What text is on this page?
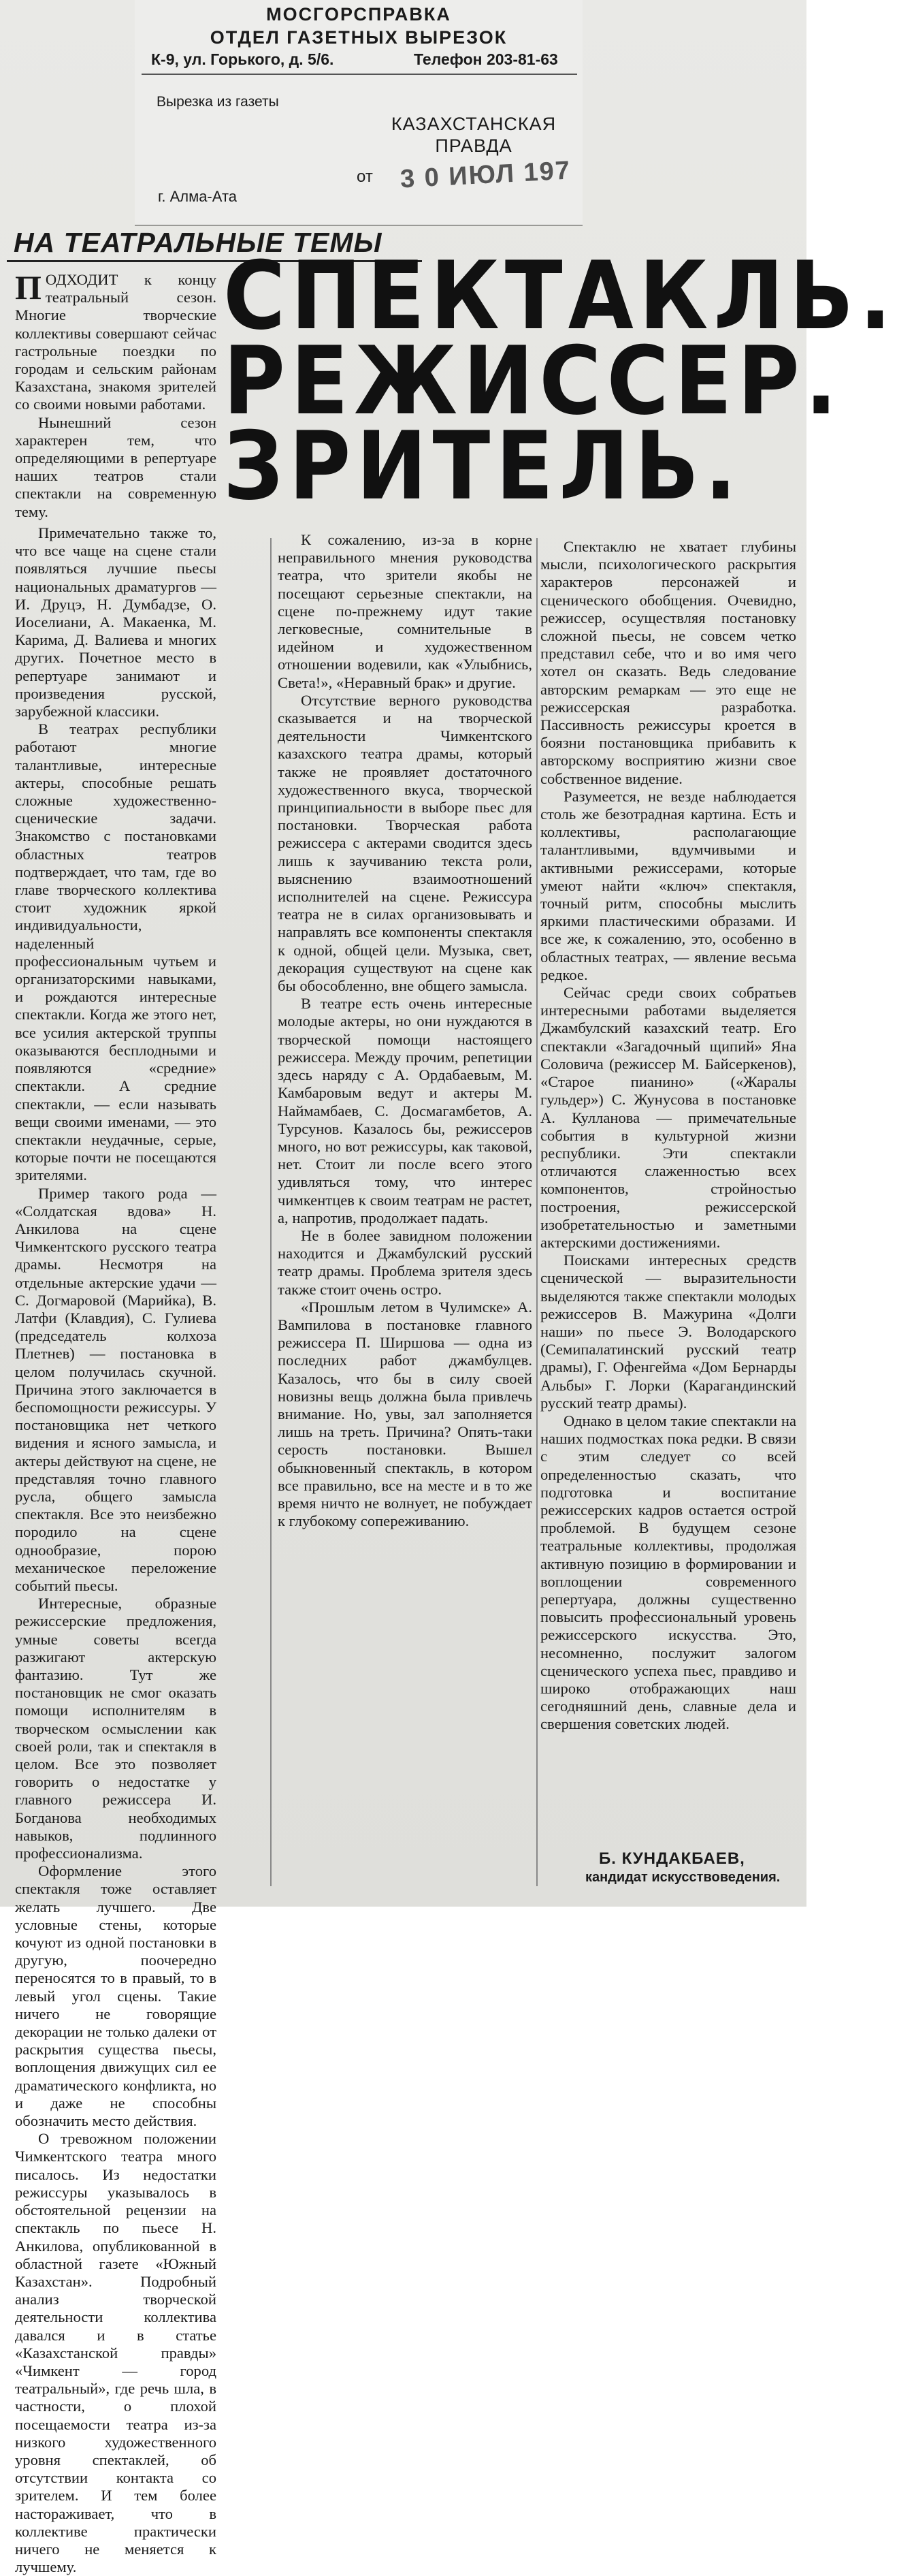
МОСГОРСПРАВКА
ОТДЕЛ ГАЗЕТНЫХ ВЫРЕЗОК
К-9, ул. Горького, д. 5/6.	Телефон 203-81-63
Вырезка из газеты
КАЗАХСТАНСКАЯ ПРАВДА
от 3 0 ИЮЛ 197
г. Алма-Ата
НА ТЕАТРАЛЬНЫЕ ТЕМЫ
СПЕКТАКЛЬ.
РЕЖИССЕР.
ЗРИТЕЛЬ.
П ОДХОДИТ к концу театральный сезон. Многие творческие коллективы совершают сейчас гастрольные поездки по городам и сельским районам Казахстана, знакомя зрителей со своими новыми работами.

Нынешний сезон характерен тем, что определяющими в репертуаре наших театров стали спектакли на современную тему.

Примечательно также то, что все чаще на сцене стали появляться лучшие пьесы национальных драматургов — И. Друцэ, Н. Думбадзе, О. Иоселиани, А. Макаенка, М. Карима, Д. Валиева и многих других. Почетное место в репертуаре занимают и произведения русской, зарубежной классики.

В театрах республики работают многие талантливые, интересные актеры, способные решать сложные художественно-сценические задачи. Знакомство с постановками областных театров подтверждает, что там, где во главе творческого коллектива стоит художник яркой индивидуальности, наделенный профессиональным чутьем и организаторскими навыками, и рождаются интересные спектакли. Когда же этого нет, все усилия актерской труппы оказываются бесплодными и появляются «средние» спектакли. А средние спектакли, — если называть вещи своими именами, — это спектакли неудачные, серые, которые почти не посещаются зрителями.

Пример такого рода — «Солдатская вдова» Н. Анкилова на сцене Чимкентского русского театра драмы. Несмотря на отдельные актерские удачи — С. Догмаровой (Марийка), В. Латфи (Клавдия), С. Гулиева (председатель колхоза Плетнев) — постановка в целом получилась скучной. Причина этого заключается в беспомощности режиссуры. У постановщика нет четкого видения и ясного замысла, и актеры действуют на сцене, не представляя точно главного русла, общего замысла спектакля. Все это неизбежно породило на сцене однообразие, порою механическое переложение событий пьесы.

Интересные, образные режиссерские предложения, умные советы всегда разжигают актерскую фантазию. Тут же постановщик не смог оказать помощи исполнителям в творческом осмыслении как своей роли, так и спектакля в целом. Все это позволяет говорить о недостатке у главного режиссера И. Богданова необходимых навыков, подлинного профессионализма.

Оформление этого спектакля тоже оставляет желать лучшего. Две условные стены, которые кочуют из одной постановки в другую, поочередно переносятся то в правый, то в левый угол сцены. Такие ничего не говорящие декорации не только далеки от раскрытия существа пьесы, воплощения движущих сил ее драматического конфликта, но и даже не способны обозначить место действия.

О тревожном положении Чимкентского театра много писалось. Из недостатки режиссуры указывалось в обстоятельной рецензии на спектакль по пьесе Н. Анкилова, опубликованной в областной газете «Южный Казахстан». Подробный анализ творческой деятельности коллектива давался и в статье «Казахстанской правды» «Чимкент — город театральный», где речь шла, в частности, о плохой посещаемости театра из-за низкого художественного уровня спектаклей, об отсутствии контакта со зрителем. И тем более настораживает, что в коллективе практически ничего не меняется к лучшему.

К сожалению, из-за в корне неправильного мнения руководства театра, что зрители якобы не посещают серьезные спектакли, на сцене по-прежнему идут такие легковесные, сомнительные в идейном и художественном отношении водевили, как «Улыбнись, Света!», «Неравный брак» и другие.

Отсутствие верного руководства сказывается и на творческой деятельности Чимкентского казахского театра драмы, который также не проявляет достаточного художественного вкуса, творческой принципиальности в выборе пьес для постановки. Творческая работа режиссера с актерами сводится здесь лишь к заучиванию текста роли, выяснению взаимоотношений исполнителей на сцене. Режиссура театра не в силах организовывать и направлять все компоненты спектакля к одной, общей цели. Музыка, свет, декорация существуют на сцене как бы обособленно, вне общего замысла.

В театре есть очень интересные молодые актеры, но они нуждаются в творческой помощи настоящего режиссера. Между прочим, репетиции здесь наряду с А. Ордабаевым, М. Камбаровым ведут и актеры М. Наймамбаев, С. Досмагамбетов, А. Турсунов. Казалось бы, режиссеров много, но вот режиссуры, как таковой, нет. Стоит ли после всего этого удивляться тому, что интерес чимкентцев к своим театрам не растет, а, напротив, продолжает падать.

Не в более завидном положении находится и Джамбулский русский театр драмы. Проблема зрителя здесь также стоит очень остро.

«Прошлым летом в Чулимске» А. Вампилова в постановке главного режиссера П. Ширшова — одна из последних работ джамбулцев. Казалось, что бы в силу своей новизны вещь должна была привлечь внимание. Но, увы, зал заполняется лишь на треть. Причина? Опять-таки серость постановки. Вышел обыкновенный спектакль, в котором все правильно, все на месте и в то же время ничто не волнует, не побуждает к глубокому сопереживанию.

Спектаклю не хватает глубины мысли, психологического раскрытия характеров персонажей и сценического обобщения. Очевидно, режиссер, осуществляя постановку сложной пьесы, не совсем четко представил себе, что и во имя чего хотел он сказать. Ведь следование авторским ремаркам — это еще не режиссерская разработка. Пассивность режиссуры кроется в боязни постановщика прибавить к авторскому восприятию жизни свое собственное видение.

Разумеется, не везде наблюдается столь же безотрадная картина. Есть и коллективы, располагающие талантливыми, вдумчивыми и активными режиссерами, которые умеют найти «ключ» спектакля, точный ритм, способны мыслить яркими пластическими образами. И все же, к сожалению, это, особенно в областных театрах, — явление весьма редкое.

Сейчас среди своих собратьев интересными работами выделяется Джамбулский казахский театр. Его спектакли «Загадочный щипий» Яна Соловича (режиссер М. Байсеркенов), «Старое пианино» («Жаралы гульдер») С. Жунусова в постановке А. Кулланова — примечательные события в культурной жизни республики. Эти спектакли отличаются слаженностью всех компонентов, стройностью построения, режиссерской изобретательностью и заметными актерскими достижениями.

Поисками интересных средств сценической — выразительности выделяются также спектакли молодых режиссеров В. Мажурина «Долги наши» по пьесе Э. Володарского (Семипалатинский русский театр драмы), Г. Офенгейма «Дом Бернарды Альбы» Г. Лорки (Карагандинский русский театр драмы).

Однако в целом такие спектакли на наших подмостках пока редки. В связи с этим следует со всей определенностью сказать, что подготовка и воспитание режиссерских кадров остается острой проблемой. В будущем сезоне театральные коллективы, продолжая активную позицию в формировании и воплощении современного репертуара, должны существенно повысить профессиональный уровень режиссерского искусства. Это, несомненно, послужит залогом сценического успеха пьес, правдиво и широко отображающих наш сегодняшний день, славные дела и свершения советских людей.

Б. КУНДАКБАЕВ,
кандидат искусствоведения.
